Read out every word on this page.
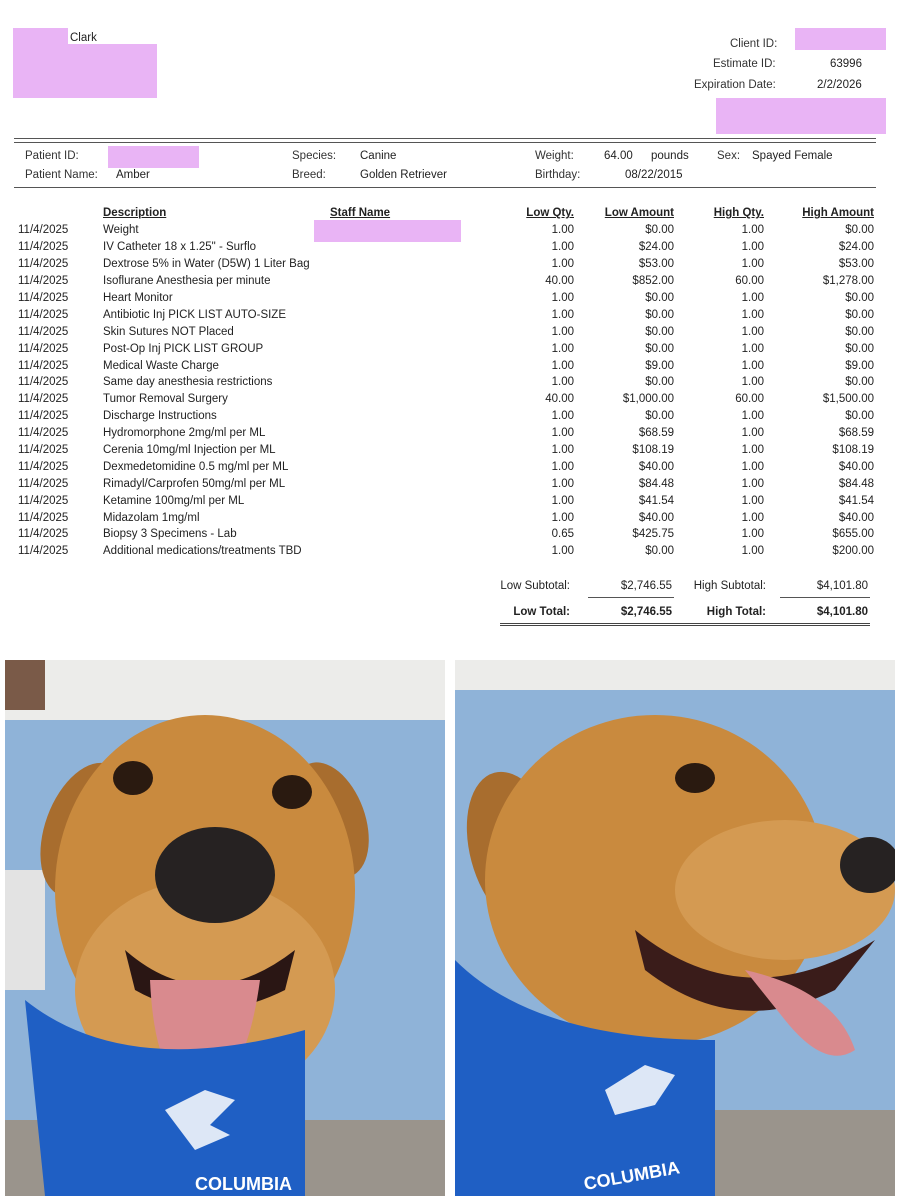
Clark	Client ID:
Estimate ID:	63996
Expiration Date:	2/2/2026
Patient ID:
Patient Name: Amber
Species: Canine
Breed:	Golden Retriever
Weight:	64.00 pounds
Birthday:	08/22/2015
Sex: Spayed Female
	Description	Staff Name	Low Qty.	Low Amount	High Qty.	High Amount
11/4/2025	Weight		1.00	$0.00	1.00	$0.00
11/4/2025	IV Catheter 18 x 1.25" - Surflo		1.00	$24.00	1.00	$24.00
11/4/2025	Dextrose 5% in Water (D5W) 1 Liter Bag		1.00	$53.00	1.00	$53.00
11/4/2025	Isoflurane Anesthesia per minute		40.00	$852.00	60.00	$1,278.00
11/4/2025	Heart Monitor		1.00	$0.00	1.00	$0.00
11/4/2025	Antibiotic Inj PICK LIST AUTO-SIZE		1.00	$0.00	1.00	$0.00
11/4/2025	Skin Sutures NOT Placed		1.00	$0.00	1.00	$0.00
11/4/2025	Post-Op Inj PICK LIST GROUP		1.00	$0.00	1.00	$0.00
11/4/2025	Medical Waste Charge		1.00	$9.00	1.00	$9.00
11/4/2025	Same day anesthesia restrictions		1.00	$0.00	1.00	$0.00
11/4/2025	Tumor Removal Surgery		40.00	$1,000.00	60.00	$1,500.00
11/4/2025	Discharge Instructions		1.00	$0.00	1.00	$0.00
11/4/2025	Hydromorphone 2mg/ml per ML		1.00	$68.59	1.00	$68.59
11/4/2025	Cerenia 10mg/ml Injection per ML		1.00	$108.19	1.00	$108.19
11/4/2025	Dexmedetomidine 0.5 mg/ml per ML		1.00	$40.00	1.00	$40.00
11/4/2025	Rimadyl/Carprofen 50mg/ml per ML		1.00	$84.48	1.00	$84.48
11/4/2025	Ketamine 100mg/ml per ML		1.00	$41.54	1.00	$41.54
11/4/2025	Midazolam 1mg/ml		1.00	$40.00	1.00	$40.00
11/4/2025	Biopsy 3 Specimens - Lab		0.65	$425.75	1.00	$655.00
11/4/2025	Additional medications/treatments TBD		1.00	$0.00	1.00	$200.00
Low Subtotal:	$2,746.55	High Subtotal:	$4,101.80
Low Total:	$2,746.55	High Total:	$4,101.80
COLUMBIA	COLUMBIA
